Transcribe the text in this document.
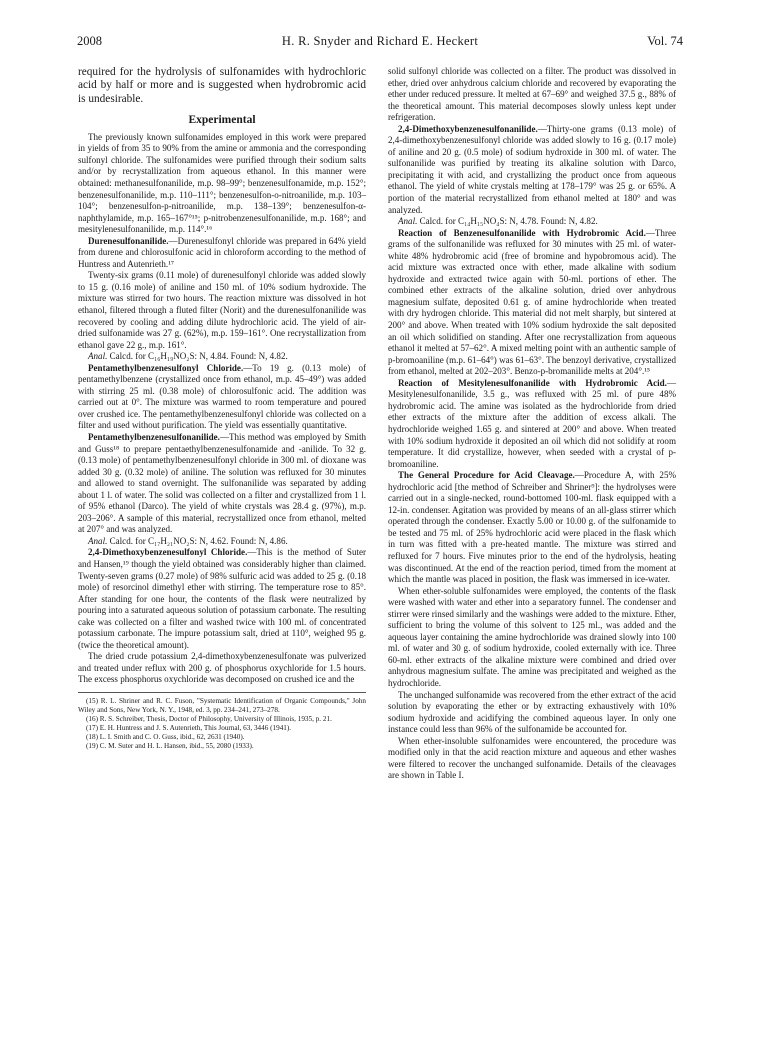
2008	H. R. Snyder and Richard E. Heckert	Vol. 74

required for the hydrolysis of sulfonamides with hydrochloric acid by half or more and is suggested when hydrobromic acid is undesirable.

Experimental

The previously known sulfonamides employed in this work were prepared in yields of from 35 to 90% from the amine or ammonia and the corresponding sulfonyl chloride. The sulfonamides were purified through their sodium salts and/or by recrystallization from aqueous ethanol. In this manner were obtained: methanesulfonanilide, m.p. 98–99°; benzenesulfonamide, m.p. 152°; benzenesulfonanilide, m.p. 110–111°; benzenesulfon-o-nitroanilide, m.p. 103–104°; benzenesulfon-p-nitroanilide, m.p. 138–139°; benzenesulfon-α-naphthylamide, m.p. 165–167°¹⁵; p-nitrobenzenesulfonanilide, m.p. 168°; and mesitylenesulfonanilide, m.p. 114°.¹⁶

Durenesulfonanilide.—Durenesulfonyl chloride was prepared in 64% yield from durene and chlorosulfonic acid in chloroform according to the method of Huntress and Autenrieth.¹⁷

Twenty-six grams (0.11 mole) of durenesulfonyl chloride was added slowly to 15 g. (0.16 mole) of aniline and 150 ml. of 10% sodium hydroxide. The mixture was stirred for two hours. The reaction mixture was dissolved in hot ethanol, filtered through a fluted filter (Norit) and the durenesulfonanilide was recovered by cooling and adding dilute hydrochloric acid. The yield of air-dried sulfonamide was 27 g. (62%), m.p. 159–161°. One recrystallization from ethanol gave 22 g., m.p. 161°.

Anal. Calcd. for C₁₆H₁₉NO₂S: N, 4.84. Found: N, 4.82.

Pentamethylbenzenesulfonyl Chloride.—To 19 g. (0.13 mole) of pentamethylbenzene (crystallized once from ethanol, m.p. 45–49°) was added with stirring 25 ml. (0.38 mole) of chlorosulfonic acid. The addition was carried out at 0°. The mixture was warmed to room temperature and poured over crushed ice. The pentamethylbenzenesulfonyl chloride was collected on a filter and used without purification. The yield was essentially quantitative.

Pentamethylbenzenesulfonanilide.—This method was employed by Smith and Guss¹⁸ to prepare pentaethylbenzenesulfonamide and -anilide. To 32 g. (0.13 mole) of pentamethylbenzenesulfonyl chloride in 300 ml. of dioxane was added 30 g. (0.32 mole) of aniline. The solution was refluxed for 30 minutes and allowed to stand overnight. The sulfonanilide was separated by adding about 1 l. of water. The solid was collected on a filter and crystallized from 1 l. of 95% ethanol (Darco). The yield of white crystals was 28.4 g. (97%), m.p. 203–206°. A sample of this material, recrystallized once from ethanol, melted at 207° and was analyzed.

Anal. Calcd. for C₁₇H₂₁NO₂S: N, 4.62. Found: N, 4.86.

2,4-Dimethoxybenzenesulfonyl Chloride.—This is the method of Suter and Hansen,¹⁹ though the yield obtained was considerably higher than claimed. Twenty-seven grams (0.27 mole) of 98% sulfuric acid was added to 25 g. (0.18 mole) of resorcinol dimethyl ether with stirring. The temperature rose to 85°. After standing for one hour, the contents of the flask were neutralized by pouring into a saturated aqueous solution of potassium carbonate. The resulting cake was collected on a filter and washed twice with 100 ml. of concentrated potassium carbonate. The impure potassium salt, dried at 110°, weighed 95 g. (twice the theoretical amount).

The dried crude potassium 2,4-dimethoxybenzenesulfonate was pulverized and treated under reflux with 200 g. of phosphorus oxychloride for 1.5 hours. The excess phosphorus oxychloride was decomposed on crushed ice and the

(15) R. L. Shriner and R. C. Fuson, "Systematic Identification of Organic Compounds," John Wiley and Sons, New York, N. Y., 1948, ed. 3, pp. 234–241, 273–278.

(16) R. S. Schreiber, Thesis, Doctor of Philosophy, University of Illinois, 1935, p. 21.

(17) E. H. Huntress and J. S. Autenrieth, This Journal, 63, 3446 (1941).

(18) L. I. Smith and C. O. Guss, ibid., 62, 2631 (1940).

(19) C. M. Suter and H. L. Hansen, ibid., 55, 2080 (1933).

solid sulfonyl chloride was collected on a filter. The product was dissolved in ether, dried over anhydrous calcium chloride and recovered by evaporating the ether under reduced pressure. It melted at 67–69° and weighed 37.5 g., 88% of the theoretical amount. This material decomposes slowly unless kept under refrigeration.

2,4-Dimethoxybenzenesulfonanilide.—Thirty-one grams (0.13 mole) of 2,4-dimethoxybenzenesulfonyl chloride was added slowly to 16 g. (0.17 mole) of aniline and 20 g. (0.5 mole) of sodium hydroxide in 300 ml. of water. The sulfonanilide was purified by treating its alkaline solution with Darco, precipitating it with acid, and crystallizing the product once from aqueous ethanol. The yield of white crystals melting at 178–179° was 25 g. or 65%. A portion of the material recrystallized from ethanol melted at 180° and was analyzed.

Anal. Calcd. for C₁₄H₁₅NO₄S: N, 4.78. Found: N, 4.82.

Reaction of Benzenesulfonanilide with Hydrobromic Acid.—Three grams of the sulfonanilide was refluxed for 30 minutes with 25 ml. of water-white 48% hydrobromic acid (free of bromine and hypobromous acid). The acid mixture was extracted once with ether, made alkaline with sodium hydroxide and extracted twice again with 50-ml. portions of ether. The combined ether extracts of the alkaline solution, dried over anhydrous magnesium sulfate, deposited 0.61 g. of amine hydrochloride when treated with dry hydrogen chloride. This material did not melt sharply, but sintered at 200° and above. When treated with 10% sodium hydroxide the salt deposited an oil which solidified on standing. After one recrystallization from aqueous ethanol it melted at 57–62°. A mixed melting point with an authentic sample of p-bromoaniline (m.p. 61–64°) was 61–63°. The benzoyl derivative, crystallized from ethanol, melted at 202–203°. Benzo-p-bromanilide melts at 204°.¹⁵

Reaction of Mesitylenesulfonanilide with Hydrobromic Acid.—Mesitylenesulfonanilide, 3.5 g., was refluxed with 25 ml. of pure 48% hydrobromic acid. The amine was isolated as the hydrochloride from dried ether extracts of the mixture after the addition of excess alkali. The hydrochloride weighed 1.65 g. and sintered at 200° and above. When treated with 10% sodium hydroxide it deposited an oil which did not solidify at room temperature. It did crystallize, however, when seeded with a crystal of p-bromoaniline.

The General Procedure for Acid Cleavage.—Procedure A, with 25% hydrochloric acid [the method of Schreiber and Shriner⁹]: the hydrolyses were carried out in a single-necked, round-bottomed 100-ml. flask equipped with a 12-in. condenser. Agitation was provided by means of an all-glass stirrer which operated through the condenser. Exactly 5.00 or 10.00 g. of the sulfonamide to be tested and 75 ml. of 25% hydrochloric acid were placed in the flask which in turn was fitted with a pre-heated mantle. The mixture was stirred and refluxed for 7 hours. Five minutes prior to the end of the hydrolysis, heating was discontinued. At the end of the reaction period, timed from the moment at which the mantle was placed in position, the flask was immersed in ice-water.

When ether-soluble sulfonamides were employed, the contents of the flask were washed with water and ether into a separatory funnel. The condenser and stirrer were rinsed similarly and the washings were added to the mixture. Ether, sufficient to bring the volume of this solvent to 125 ml., was added and the aqueous layer containing the amine hydrochloride was drained slowly into 100 ml. of water and 30 g. of sodium hydroxide, cooled externally with ice. Three 60-ml. ether extracts of the alkaline mixture were combined and dried over anhydrous magnesium sulfate. The amine was precipitated and weighed as the hydrochloride.

The unchanged sulfonamide was recovered from the ether extract of the acid solution by evaporating the ether or by extracting exhaustively with 10% sodium hydroxide and acidifying the combined aqueous layer. In only one instance could less than 96% of the sulfonamide be accounted for.

When ether-insoluble sulfonamides were encountered, the procedure was modified only in that the acid reaction mixture and aqueous and ether washes were filtered to recover the unchanged sulfonamide. Details of the cleavages are shown in Table I.
